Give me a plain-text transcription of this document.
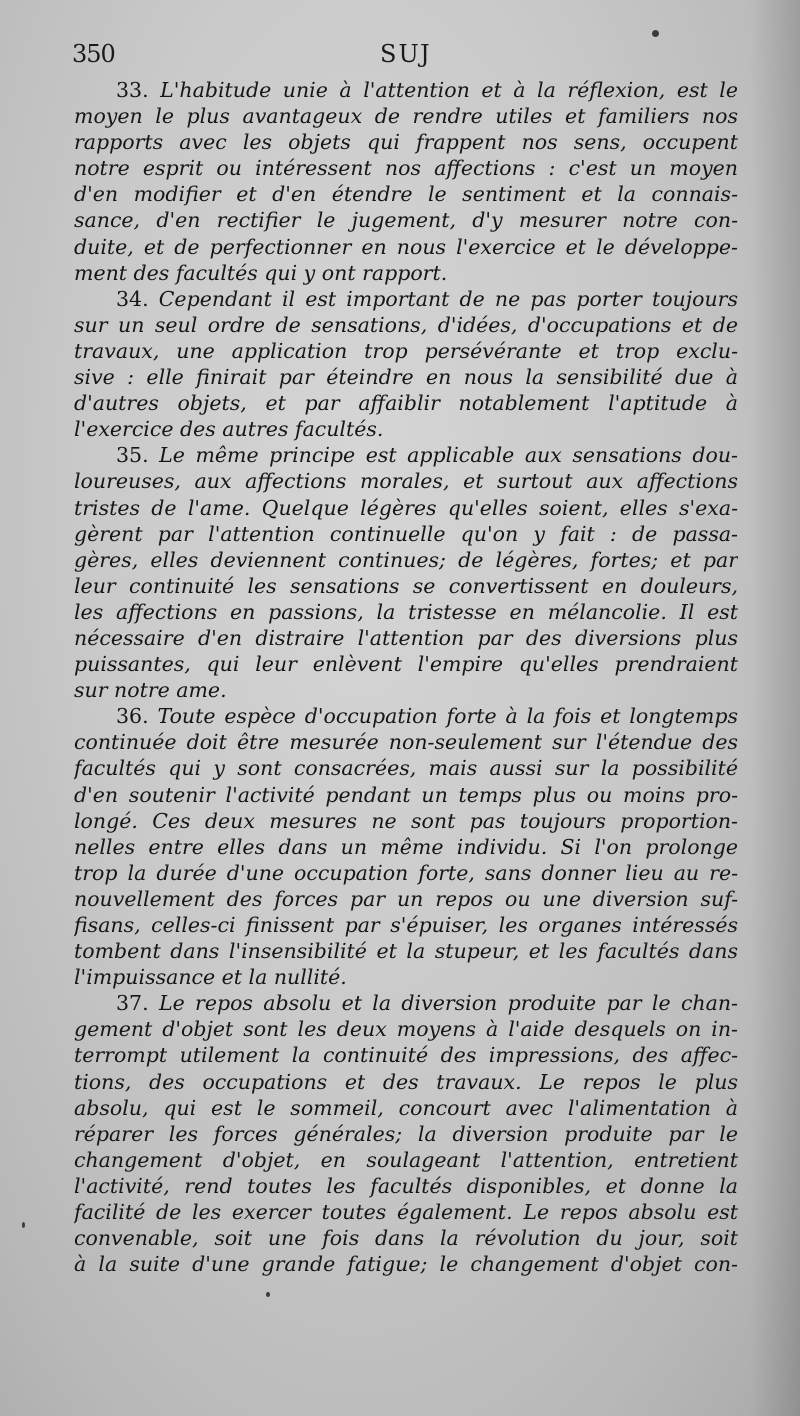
350	SUJ
33. L'habitude unie à l'attention et à la réflexion, est le
moyen le plus avantageux de rendre utiles et familiers nos
rapports avec les objets qui frappent nos sens, occupent
notre esprit ou intéressent nos affections : c'est un moyen
d'en modifier et d'en étendre le sentiment et la connais-
sance, d'en rectifier le jugement, d'y mesurer notre con-
duite, et de perfectionner en nous l'exercice et le développe-
ment des facultés qui y ont rapport.
34. Cependant il est important de ne pas porter toujours
sur un seul ordre de sensations, d'idées, d'occupations et de
travaux, une application trop persévérante et trop exclu-
sive : elle finirait par éteindre en nous la sensibilité due à
d'autres objets, et par affaiblir notablement l'aptitude à
l'exercice des autres facultés.
35. Le même principe est applicable aux sensations dou-
loureuses, aux affections morales, et surtout aux affections
tristes de l'ame. Quelque légères qu'elles soient, elles s'exa-
gèrent par l'attention continuelle qu'on y fait : de passa-
gères, elles deviennent continues; de légères, fortes; et par
leur continuité les sensations se convertissent en douleurs,
les affections en passions, la tristesse en mélancolie. Il est
nécessaire d'en distraire l'attention par des diversions plus
puissantes, qui leur enlèvent l'empire qu'elles prendraient
sur notre ame.
36. Toute espèce d'occupation forte à la fois et longtemps
continuée doit être mesurée non-seulement sur l'étendue des
facultés qui y sont consacrées, mais aussi sur la possibilité
d'en soutenir l'activité pendant un temps plus ou moins pro-
longé. Ces deux mesures ne sont pas toujours proportion-
nelles entre elles dans un même individu. Si l'on prolonge
trop la durée d'une occupation forte, sans donner lieu au re-
nouvellement des forces par un repos ou une diversion suf-
fisans, celles-ci finissent par s'épuiser, les organes intéressés
tombent dans l'insensibilité et la stupeur, et les facultés dans
l'impuissance et la nullité.
37. Le repos absolu et la diversion produite par le chan-
gement d'objet sont les deux moyens à l'aide desquels on in-
terrompt utilement la continuité des impressions, des affec-
tions, des occupations et des travaux. Le repos le plus
absolu, qui est le sommeil, concourt avec l'alimentation à
réparer les forces générales; la diversion produite par le
changement d'objet, en soulageant l'attention, entretient
l'activité, rend toutes les facultés disponibles, et donne la
facilité de les exercer toutes également. Le repos absolu est
convenable, soit une fois dans la révolution du jour, soit
à la suite d'une grande fatigue; le changement d'objet con-
